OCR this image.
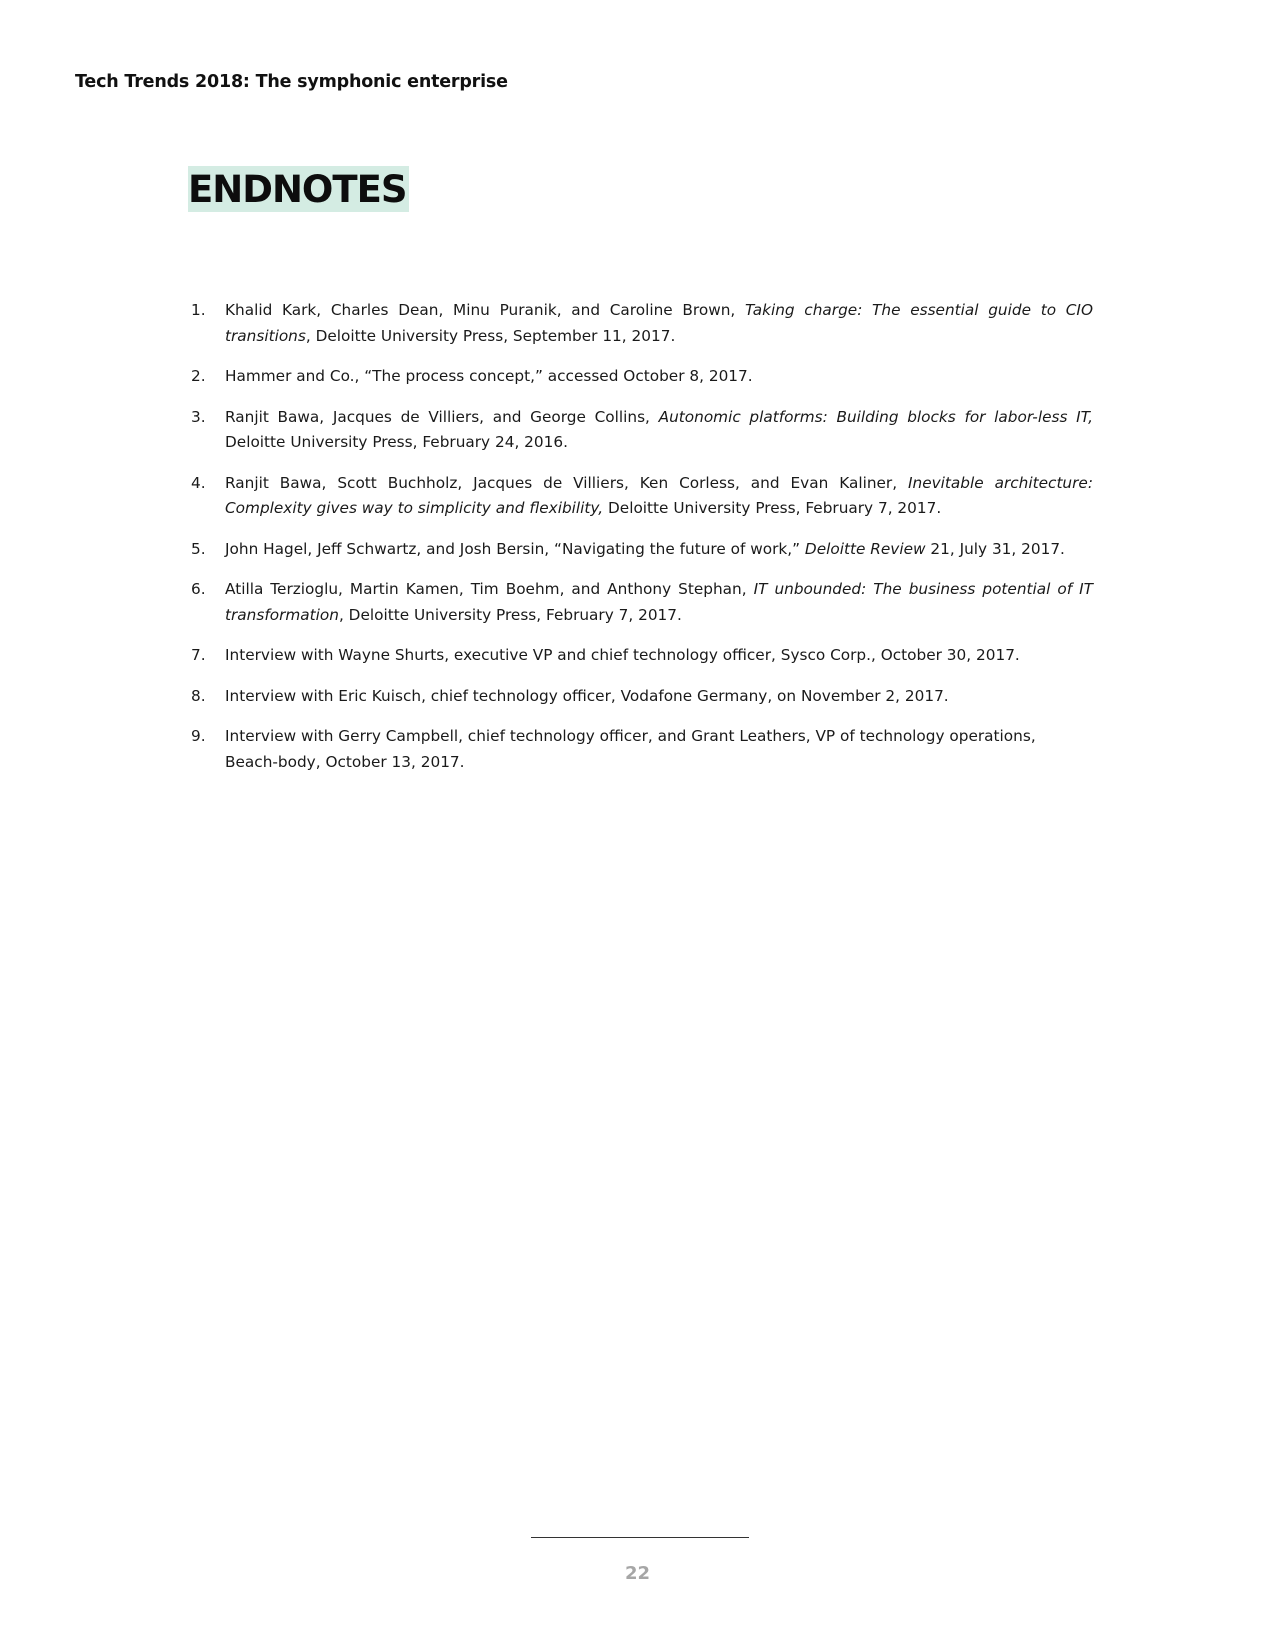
Tech Trends 2018: The symphonic enterprise
ENDNOTES
1.	Khalid Kark, Charles Dean, Minu Puranik, and Caroline Brown, Taking charge: The essential guide to CIO transitions, Deloitte University Press, September 11, 2017.
2.	Hammer and Co., “The process concept,” accessed October 8, 2017.
3.	Ranjit Bawa, Jacques de Villiers, and George Collins, Autonomic platforms: Building blocks for labor-less IT, Deloitte University Press, February 24, 2016.
4.	Ranjit Bawa, Scott Buchholz, Jacques de Villiers, Ken Corless, and Evan Kaliner, Inevitable architecture: Complexity gives way to simplicity and flexibility, Deloitte University Press, February 7, 2017.
5.	John Hagel, Jeff Schwartz, and Josh Bersin, “Navigating the future of work,” Deloitte Review 21, July 31, 2017.
6.	Atilla Terzioglu, Martin Kamen, Tim Boehm, and Anthony Stephan, IT unbounded: The business potential of IT transformation, Deloitte University Press, February 7, 2017.
7.	Interview with Wayne Shurts, executive VP and chief technology officer, Sysco Corp., October 30, 2017.
8.	Interview with Eric Kuisch, chief technology officer, Vodafone Germany, on November 2, 2017.
9.	Interview with Gerry Campbell, chief technology officer, and Grant Leathers, VP of technology operations, Beach-body, October 13, 2017.
22
